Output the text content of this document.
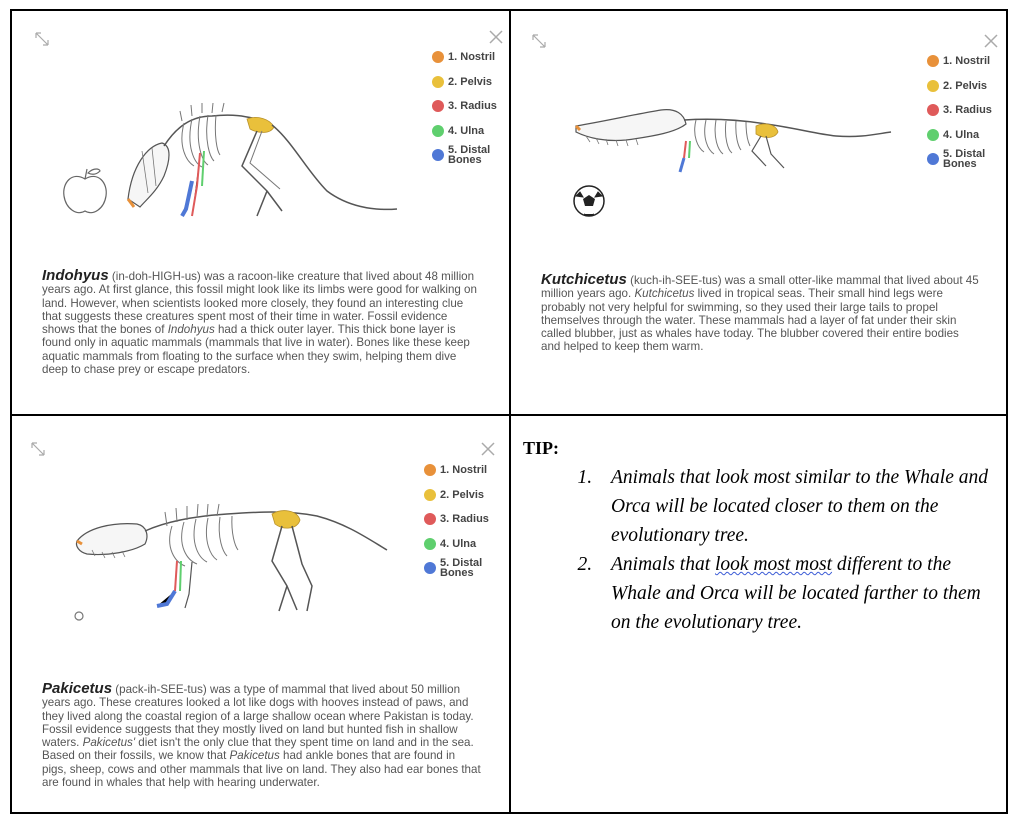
1. Nostril
2. Pelvis
3. Radius
4. Ulna
5. Distal Bones
Indohyus (in-doh-HIGH-us) was a racoon-like creature that lived about 48 million years ago. At first glance, this fossil might look like its limbs were good for walking on land. However, when scientists looked more closely, they found an interesting clue that suggests these creatures spent most of their time in water. Fossil evidence shows that the bones of Indohyus had a thick outer layer. This thick bone layer is found only in aquatic mammals (mammals that live in water). Bones like these keep aquatic mammals from floating to the surface when they swim, helping them dive deep to chase prey or escape predators.
1. Nostril
2. Pelvis
3. Radius
4. Ulna
5. Distal Bones
Kutchicetus (kuch-ih-SEE-tus) was a small otter-like mammal that lived about 45 million years ago. Kutchicetus lived in tropical seas. Their small hind legs were probably not very helpful for swimming, so they used their large tails to propel themselves through the water. These mammals had a layer of fat under their skin called blubber, just as whales have today. The blubber covered their entire bodies and helped to keep them warm.
1. Nostril
2. Pelvis
3. Radius
4. Ulna
5. Distal Bones
Pakicetus (pack-ih-SEE-tus) was a type of mammal that lived about 50 million years ago. These creatures looked a lot like dogs with hooves instead of paws, and they lived along the coastal region of a large shallow ocean where Pakistan is today. Fossil evidence suggests that they mostly lived on land but hunted fish in shallow waters. Pakicetus' diet isn't the only clue that they spent time on land and in the sea. Based on their fossils, we know that Pakicetus had ankle bones that are found in pigs, sheep, cows and other mammals that live on land. They also had ear bones that are found in whales that help with hearing underwater.
TIP:
1. Animals that look most similar to the Whale and Orca will be located closer to them on the evolutionary tree.
2. Animals that look most most different to the Whale and Orca will be located farther to them on the evolutionary tree.
